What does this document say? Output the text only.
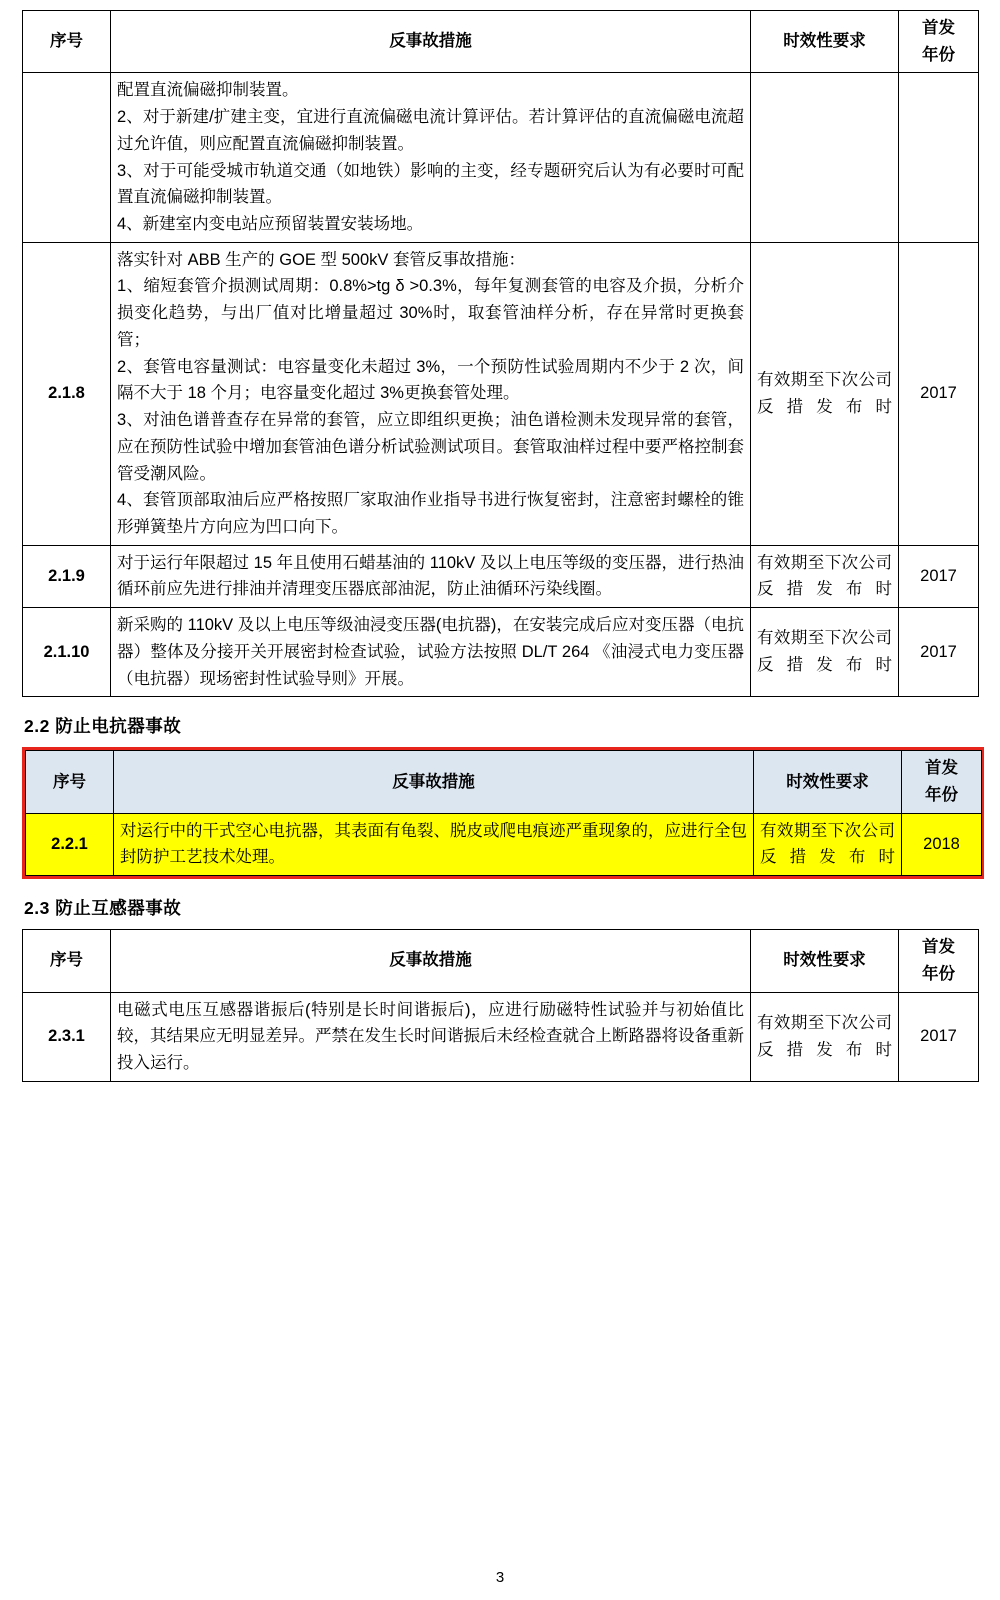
序号	反事故措施	时效性要求	首发
年份

	配置直流偏磁抑制装置。

2、对于新建/扩建主变，宜进行直流偏磁电流计算评估。若计算评估的直流偏磁电流超过允许值，则应配置直流偏磁抑制装置。

3、对于可能受城市轨道交通（如地铁）影响的主变，经专题研究后认为有必要时可配置直流偏磁抑制装置。

4、新建室内变电站应预留装置安装场地。		

2.1.8	落实针对 ABB 生产的 GOE 型 500kV 套管反事故措施：

1、缩短套管介损测试周期：0.8%>tg δ >0.3%，每年复测套管的电容及介损，分析介损变化趋势，与出厂值对比增量超过 30%时，取套管油样分析，存在异常时更换套管；

2、套管电容量测试：电容量变化未超过 3%，一个预防性试验周期内不少于 2 次，间隔不大于 18 个月；电容量变化超过 3%更换套管处理。

3、对油色谱普查存在异常的套管，应立即组织更换；油色谱检测未发现异常的套管，应在预防性试验中增加套管油色谱分析试验测试项目。套管取油样过程中要严格控制套管受潮风险。

4、套管顶部取油后应严格按照厂家取油作业指导书进行恢复密封，注意密封螺栓的锥形弹簧垫片方向应为凹口向下。	有效期至下次公司反措发布时	2017
2.1.9	对于运行年限超过 15 年且使用石蜡基油的 110kV 及以上电压等级的变压器，进行热油循环前应先进行排油并清理变压器底部油泥，防止油循环污染线圈。	有效期至下次公司反措发布时	2017
2.1.10	新采购的 110kV 及以上电压等级油浸变压器(电抗器)，在安装完成后应对变压器（电抗器）整体及分接开关开展密封检查试验，试验方法按照 DL/T 264 《油浸式电力变压器（电抗器）现场密封性试验导则》开展。	有效期至下次公司反措发布时	2017
2.2 防止电抗器事故
序号	反事故措施	时效性要求	首发
年份

2.2.1	对运行中的干式空心电抗器，其表面有龟裂、脱皮或爬电痕迹严重现象的，应进行全包封防护工艺技术处理。	有效期至下次公司反措发布时	2018
2.3 防止互感器事故
序号	反事故措施	时效性要求	首发
年份

2.3.1	电磁式电压互感器谐振后(特别是长时间谐振后)，应进行励磁特性试验并与初始值比较，其结果应无明显差异。严禁在发生长时间谐振后未经检查就合上断路器将设备重新投入运行。	有效期至下次公司反措发布时	2017
3
